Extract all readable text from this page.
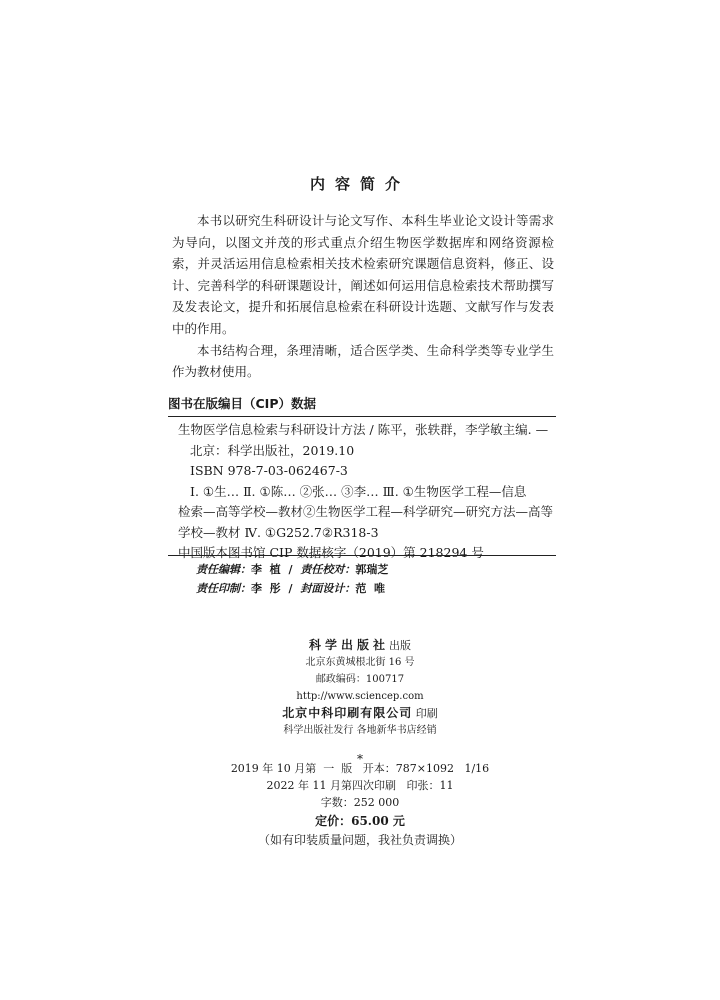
内容简介

本书以研究生科研设计与论文写作、本科生毕业论文设计等需求为导向，以图文并茂的形式重点介绍生物医学数据库和网络资源检索，并灵活运用信息检索相关技术检索研究课题信息资料，修正、设计、完善科学的科研课题设计，阐述如何运用信息检索技术帮助撰写及发表论文，提升和拓展信息检索在科研设计选题、文献写作与发表中的作用。

本书结构合理，条理清晰，适合医学类、生命科学类等专业学生作为教材使用。

图书在版编目（CIP）数据
生物医学信息检索与科研设计方法 / 陈平，张轶群，李学敏主编. —
北京：科学出版社，2019.10
ISBN 978-7-03-062467-3
Ⅰ. ①生… Ⅱ. ①陈… ②张… ③李… Ⅲ. ①生物医学工程—信息
检索—高等学校—教材②生物医学工程—科学研究—研究方法—高等
学校—教材 Ⅳ. ①G252.7②R318-3
中国版本图书馆 CIP 数据核字（2019）第 218294 号
责任编辑：李  植 / 责任校对：郭瑞芝
责任印制：李  彤 / 封面设计：范  唯
科学出版社出版
北京东黄城根北街 16 号
邮政编码：100717
http://www.sciencep.com
北京中科印刷有限公司 印刷
科学出版社发行 各地新华书店经销
*
2019 年 10 月第  一  版   开本：787×1092   1/16
2022 年 11 月第四次印刷   印张：11
字数：252 000
定价：65.00 元
（如有印装质量问题，我社负责调换）
